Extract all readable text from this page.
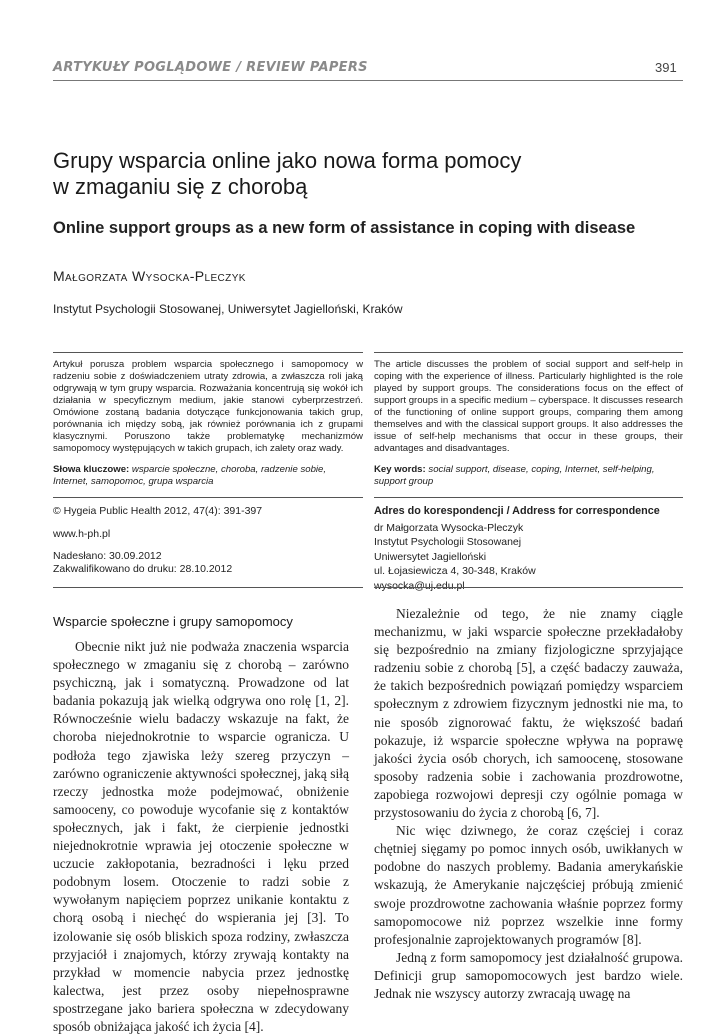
ARTYKUŁY POGLĄDOWE / REVIEW PAPERS	391
Grupy wsparcia online jako nowa forma pomocy
w zmaganiu się z chorobą
Online support groups as a new form of assistance in coping with disease
Małgorzata Wysocka-Pleczyk
Instytut Psychologii Stosowanej, Uniwersytet Jagielloński, Kraków
Artykuł porusza problem wsparcia społecznego i samopomocy w radzeniu sobie z doświadczeniem utraty zdrowia, a zwłaszcza roli jaką odgrywają w tym grupy wsparcia. Rozważania koncentrują się wokół ich działania w specyficznym medium, jakie stanowi cyberprzestrzeń. Omówione zostaną badania dotyczące funkcjonowania takich grup, porównania ich między sobą, jak również porównania ich z grupami klasycznymi. Poruszono także problematykę mechanizmów samopomocy występujących w takich grupach, ich zalety oraz wady.
The article discusses the problem of social support and self-help in coping with the experience of illness. Particularly highlighted is the role played by support groups. The considerations focus on the effect of support groups in a specific medium – cyberspace. It discusses research of the functioning of online support groups, comparing them among themselves and with the classical support groups. It also addresses the issue of self-help mechanisms that occur in these groups, their advantages and disadvantages.
Słowa kluczowe: wsparcie społeczne, choroba, radzenie sobie, Internet, samopomoc, grupa wsparcia
Key words: social support, disease, coping, Internet, self-helping, support group
© Hygeia Public Health 2012, 47(4): 391-397
www.h-ph.pl
Nadesłano: 30.09.2012
Zakwalifikowano do druku: 28.10.2012
Adres do korespondencji / Address for correspondence
dr Małgorzata Wysocka-Pleczyk
Instytut Psychologii Stosowanej
Uniwersytet Jagielloński
ul. Łojasiewicza 4, 30-348, Kraków
wysocka@uj.edu.pl
Wsparcie społeczne i grupy samopomocy

Obecnie nikt już nie podważa znaczenia wsparcia społecznego w zmaganiu się z chorobą – zarówno psychiczną, jak i somatyczną. Prowadzone od lat badania pokazują jak wielką odgrywa ono rolę [1, 2]. Równocześnie wielu badaczy wskazuje na fakt, że choroba niejednokrotnie to wsparcie ogranicza. U podłoża tego zjawiska leży szereg przyczyn – zarówno ograniczenie aktywności społecznej, jaką siłą rzeczy jednostka może podejmować, obniżenie samooceny, co powoduje wycofanie się z kontaktów społecznych, jak i fakt, że cierpienie jednostki niejednokrotnie wprawia jej otoczenie społeczne w uczucie zakłopotania, bezradności i lęku przed podobnym losem. Otoczenie to radzi sobie z wywołanym napięciem poprzez unikanie kontaktu z chorą osobą i niechęć do wspierania jej [3]. To izolowanie się osób bliskich spoza rodziny, zwłaszcza przyjaciół i znajomych, którzy zrywają kontakty na przykład w momencie nabycia przez jednostkę kalectwa, jest przez osoby niepełnosprawne spostrzegane jako bariera społeczna w zdecydowany sposób obniżająca jakość ich życia [4].

Niezależnie od tego, że nie znamy ciągle mechanizmu, w jaki wsparcie społeczne przekładałoby się bezpośrednio na zmiany fizjologiczne sprzyjające radzeniu sobie z chorobą [5], a część badaczy zauważa, że takich bezpośrednich powiązań pomiędzy wsparciem społecznym z zdrowiem fizycznym jednostki nie ma, to nie sposób zignorować faktu, że większość badań pokazuje, iż wsparcie społeczne wpływa na poprawę jakości życia osób chorych, ich samoocenę, stosowane sposoby radzenia sobie i zachowania prozdrowotne, zapobiega rozwojowi depresji czy ogólnie pomaga w przystosowaniu do życia z chorobą [6, 7].

Nic więc dziwnego, że coraz częściej i coraz chętniej sięgamy po pomoc innych osób, uwikłanych w podobne do naszych problemy. Badania amerykańskie wskazują, że Amerykanie najczęściej próbują zmienić swoje prozdrowotne zachowania właśnie poprzez formy samopomocowe niż poprzez wszelkie inne formy profesjonalnie zaprojektowanych programów [8].

Jedną z form samopomocy jest działalność grupowa. Definicji grup samopomocowych jest bardzo wiele. Jednak nie wszyscy autorzy zwracają uwagę na
